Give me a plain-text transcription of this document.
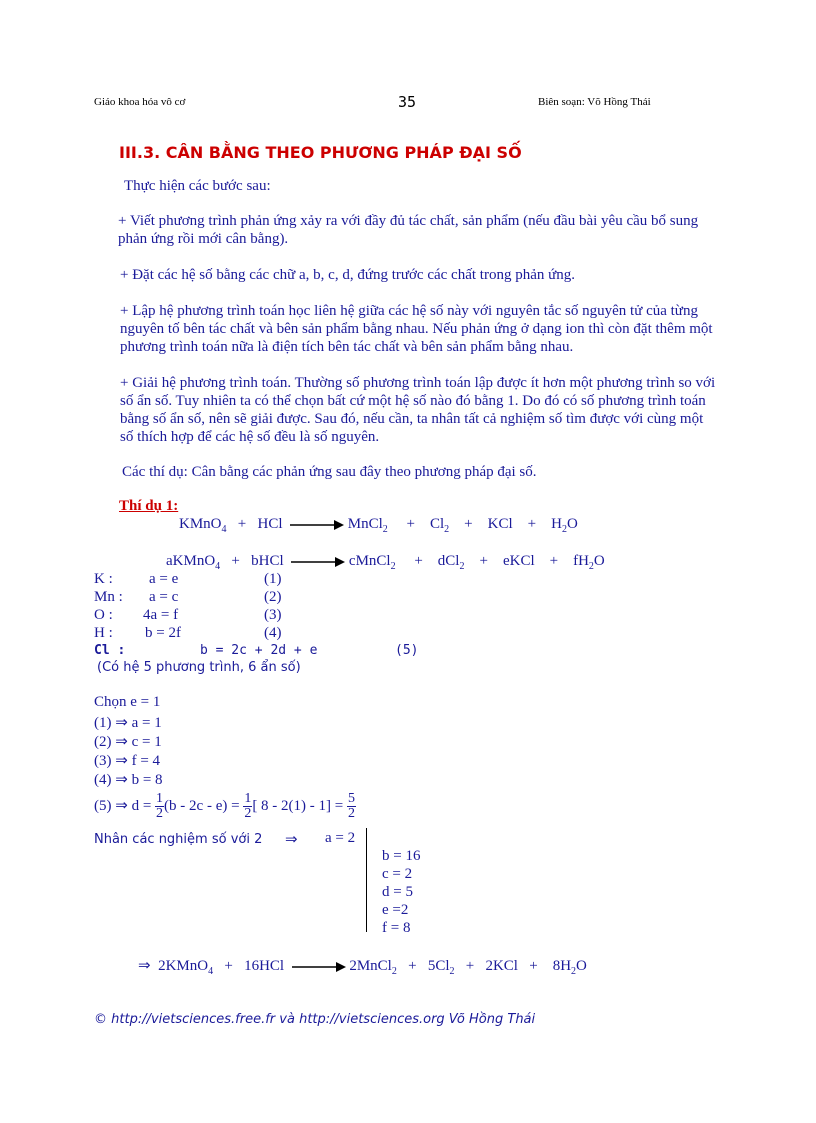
Giáo khoa hóa vô cơ	35	Biên soạn: Võ Hồng Thái
III.3. CÂN BẰNG THEO PHƯƠNG PHÁP ĐẠI SỐ
Thực hiện các bước sau:
+ Viết phương trình phản ứng xảy ra với đầy đủ tác chất, sản phẩm (nếu đầu bài yêu cầu bổ sung phản ứng rồi mới cân bằng).
+ Đặt các hệ số bằng các chữ a, b, c, d, đứng trước các chất trong phản ứng.
+ Lập hệ phương trình toán học liên hệ giữa các hệ số này với nguyên tắc số nguyên tử của từng nguyên tố bên tác chất và bên sản phẩm bằng nhau. Nếu phản ứng ở dạng ion thì còn đặt thêm một phương trình toán nữa là điện tích bên tác chất và bên sản phẩm bằng nhau.
+ Giải hệ phương trình toán. Thường số phương trình toán lập được ít hơn một phương trình so với số ẩn số. Tuy nhiên ta có thể chọn bất cứ một hệ số nào đó bằng 1. Do đó có số phương trình toán bằng số ẩn số, nên sẽ giải được. Sau đó, nếu cần, ta nhân tất cả nghiệm số tìm được với cùng một số thích hợp để các hệ số đều là số nguyên.
Các thí dụ: Cân bằng các phản ứng sau đây theo phương pháp đại số.
Thí dụ 1:
KMnO$_4$ + HCl	MnCl$_2$ + $Cl_2$ + KCl + $H_2O$
aKMnO$_4$ + bHCl	cMnCl$_2$ + dCl$_2$ + eKCl + $fH_2O$
K : a = e	(1)
Mn : a = c	(2)
O : 4a = f	(3)
H : b = 2f	(4)
Cl :	b = 2c + 2d + e	(5)
(Có hệ 5 phương trình, 6 ẩn số)
Chọn e = 1
(1) ⇒ a = 1
(2) ⇒ c = 1
(3) ⇒ f = 4
(4) ⇒ b = 8
(5) ⇒ $d = \frac{1}{2} (b - 2c - e) = \frac{1}{2}$ [ $8 - 2(1) - 1] = \frac{5}{2}$
Nhân các nghiệm số với 2 ⇒ a = 2
b = 16
c = 2
d = 5
e =2
f = 8
⇒ 2KMnO$_4$ + 16HCl	2MnCl$_2$ + $5Cl_2 + 2KCl + 8H_2O$
© http://vietsciences.free.fr và http://vietsciences.org Võ Hồng Thái
